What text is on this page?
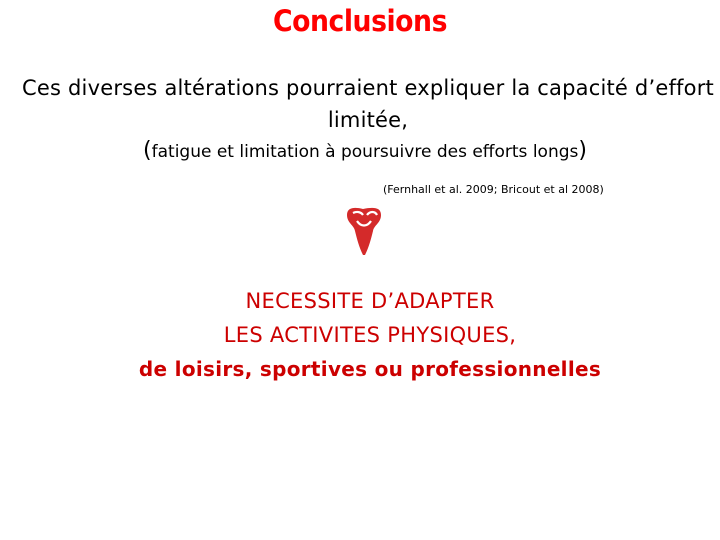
Conclusions
Ces diverses altérations pourraient expliquer la capacité d’effort limitée,
(fatigue et limitation à poursuivre des efforts longs)
(Fernhall et al. 2009; Bricout et al 2008)
NECESSITE D’ADAPTER
LES ACTIVITES PHYSIQUES,
de loisirs, sportives ou professionnelles
